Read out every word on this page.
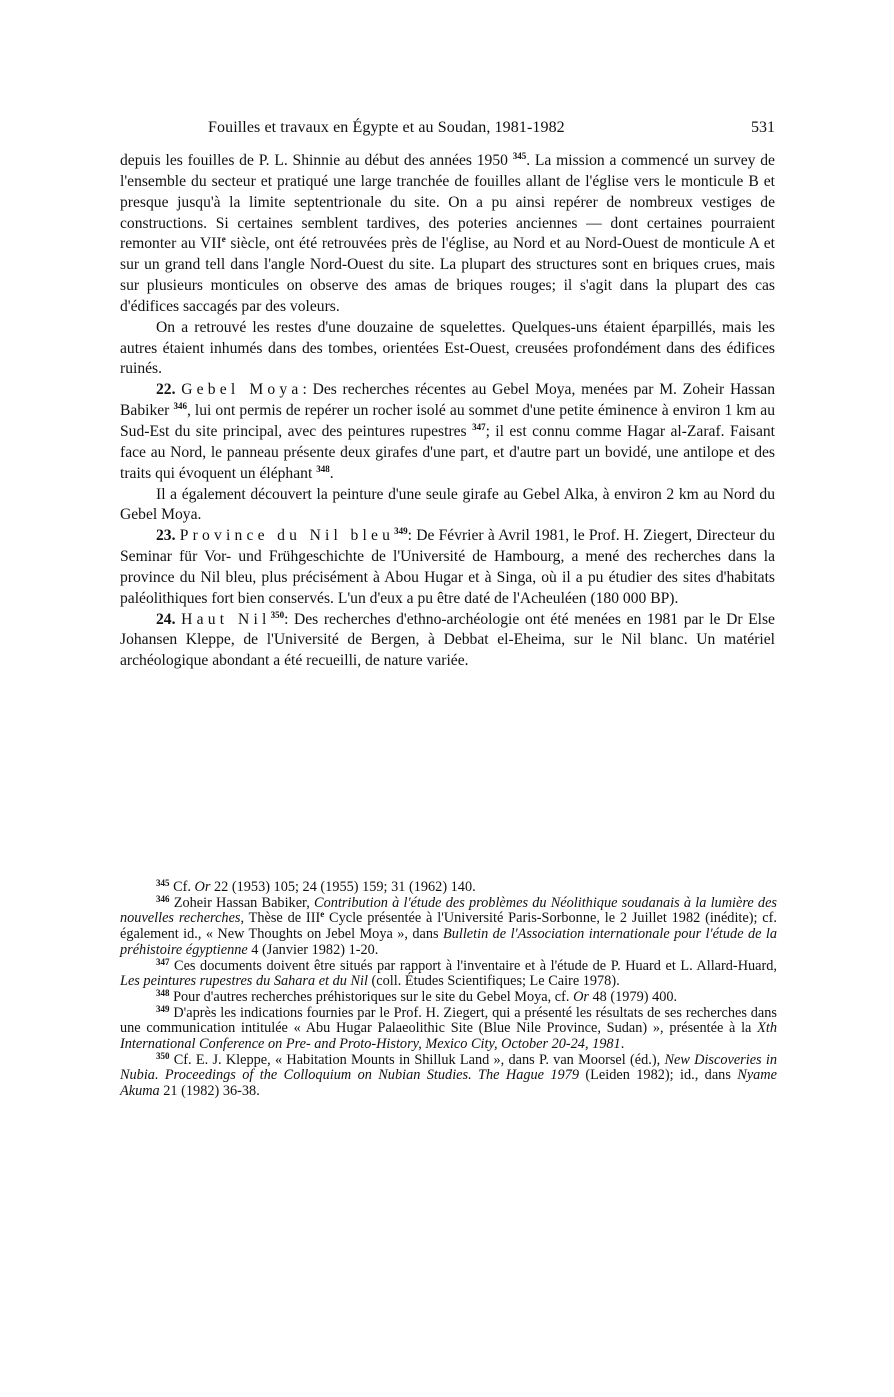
Fouilles et travaux en Égypte et au Soudan, 1981-1982	531

depuis les fouilles de P. L. Shinnie au début des années 1950 $^{345}$. La mission a commencé un survey de l'ensemble du secteur et pratiqué une large tranchée de fouilles allant de l'église vers le monticule B et presque jusqu'à la limite septentrionale du site. On a pu ainsi repérer de nombreux vestiges de constructions. Si certaines semblent tardives, des poteries anciennes — dont certaines pourraient remonter au VIIe siècle, ont été retrouvées près de l'église, au Nord et au Nord-Ouest de monticule A et sur un grand tell dans l'angle Nord-Ouest du site. La plupart des structures sont en briques crues, mais sur plusieurs monticules on observe des amas de briques rouges; il s'agit dans la plupart des cas d'édifices saccagés par des voleurs.

On a retrouvé les restes d'une douzaine de squelettes. Quelques-uns étaient éparpillés, mais les autres étaient inhumés dans des tombes, orientées Est-Ouest, creusées profondément dans des édifices ruinés.

22. Gebel Moya: Des recherches récentes au Gebel Moya, menées par M. Zoheir Hassan Babiker $^{346}$, lui ont permis de repérer un rocher isolé au sommet d'une petite éminence à environ 1 km au Sud-Est du site principal, avec des peintures rupestres $^{347}$; il est connu comme Hagar al-Zaraf. Faisant face au Nord, le panneau présente deux girafes d'une part, et d'autre part un bovidé, une antilope et des traits qui évoquent un éléphant $^{348}$.

Il a également découvert la peinture d'une seule girafe au Gebel Alka, à environ 2 km au Nord du Gebel Moya.

23. Province du Nil bleu$^{349}$: De Février à Avril 1981, le Prof. H. Ziegert, Directeur du Seminar für Vor- und Frühgeschichte de l'Université de Hambourg, a mené des recherches dans la province du Nil bleu, plus précisément à Abou Hugar et à Singa, où il a pu étudier des sites d'habitats paléolithiques fort bien conservés. L'un d'eux a pu être daté de l'Acheuléen (180 000 BP).

24. Haut Nil$^{350}$: Des recherches d'ethno-archéologie ont été menées en 1981 par le Dr Else Johansen Kleppe, de l'Université de Bergen, à Debbat el-Eheima, sur le Nil blanc. Un matériel archéologique abondant a été recueilli, de nature variée.

$^{345}$ Cf. Or 22 (1953) 105; 24 (1955) 159; 31 (1962) 140.

$^{346}$ Zoheir Hassan Babiker, Contribution à l'étude des problèmes du Néolithique soudanais à la lumière des nouvelles recherches, Thèse de IIIe Cycle présentée à l'Université Paris-Sorbonne, le 2 Juillet 1982 (inédite); cf. également id., « New Thoughts on Jebel Moya », dans Bulletin de l'Association internationale pour l'étude de la préhistoire égyptienne 4 (Janvier 1982) 1-20.

$^{347}$ Ces documents doivent être situés par rapport à l'inventaire et à l'étude de P. Huard et L. Allard-Huard, Les peintures rupestres du Sahara et du Nil (coll. Études Scientifiques; Le Caire 1978).

$^{348}$ Pour d'autres recherches préhistoriques sur le site du Gebel Moya, cf. Or 48 (1979) 400.

$^{349}$ D'après les indications fournies par le Prof. H. Ziegert, qui a présenté les résultats de ses recherches dans une communication intitulée « Abu Hugar Palaeolithic Site (Blue Nile Province, Sudan) », présentée à la Xth International Conference on Pre- and Proto-History, Mexico City, October 20-24, 1981.

$^{350}$ Cf. E. J. Kleppe, « Habitation Mounts in Shilluk Land », dans P. van Moorsel (éd.), New Discoveries in Nubia. Proceedings of the Colloquium on Nubian Studies. The Hague 1979 (Leiden 1982); id., dans Nyame Akuma 21 (1982) 36-38.
